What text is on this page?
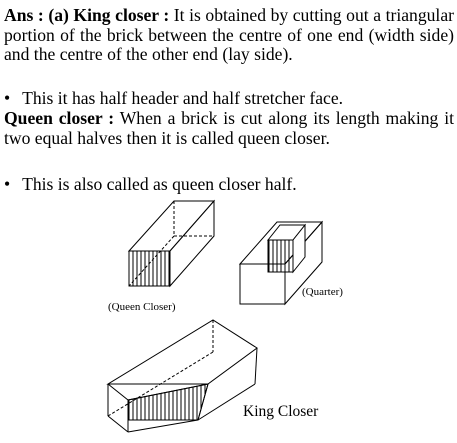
Ans : (a) King closer : It is obtained by cutting out a triangular portion of the brick between the centre of one end (width side) and the centre of the other end (lay side).
• This it has half header and half stretcher face.
Queen closer : When a brick is cut along its length making it two equal halves then it is called queen closer.
• This is also called as queen closer half.
(Queen Closer)
(Quarter)
King Closer
